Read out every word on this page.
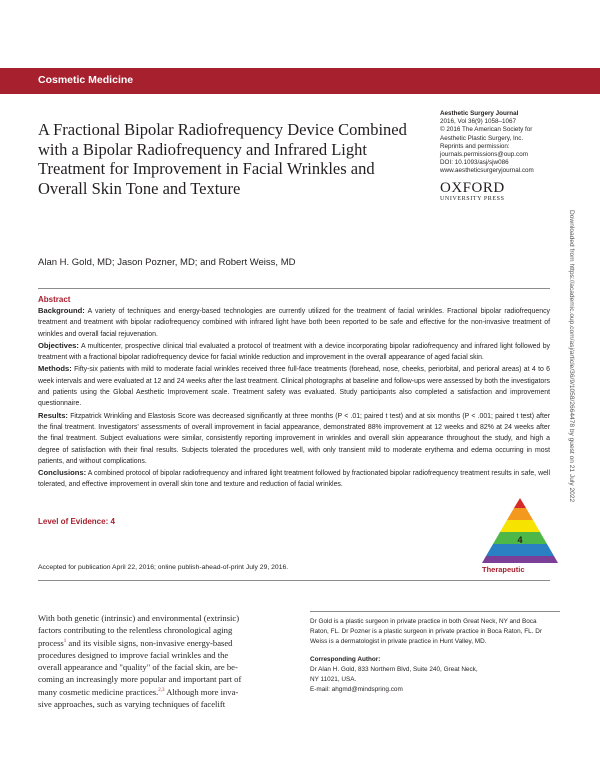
Cosmetic Medicine
A Fractional Bipolar Radiofrequency Device Combined with a Bipolar Radiofrequency and Infrared Light Treatment for Improvement in Facial Wrinkles and Overall Skin Tone and Texture
Aesthetic Surgery Journal
2016, Vol 36(9) 1058–1067
© 2016 The American Society for
Aesthetic Plastic Surgery, Inc.
Reprints and permission:
journals.permissions@oup.com
DOI: 10.1093/asj/sjw086
www.aestheticsurgeryjournal.com
OXFORD
UNIVERSITY PRESS
Alan H. Gold, MD; Jason Pozner, MD; and Robert Weiss, MD
Abstract

Background: A variety of techniques and energy-based technologies are currently utilized for the treatment of facial wrinkles. Fractional bipolar radiofrequency treatment and treatment with bipolar radiofrequency combined with infrared light have both been reported to be safe and effective for the non-invasive treatment of wrinkles and overall facial rejuvenation.

Objectives: A multicenter, prospective clinical trial evaluated a protocol of treatment with a device incorporating bipolar radiofrequency and infrared light followed by treatment with a fractional bipolar radiofrequency device for facial wrinkle reduction and improvement in the overall appearance of aged facial skin.

Methods: Fifty-six patients with mild to moderate facial wrinkles received three full-face treatments (forehead, nose, cheeks, periorbital, and perioral areas) at 4 to 6 week intervals and were evaluated at 12 and 24 weeks after the last treatment. Clinical photographs at baseline and follow-ups were assessed by both the investigators and patients using the Global Aesthetic Improvement scale. Treatment safety was evaluated. Study participants also completed a satisfaction and improvement questionnaire.

Results: Fitzpatrick Wrinkling and Elastosis Score was decreased significantly at three months (P < .01; paired t test) and at six months (P < .001; paired t test) after the final treatment. Investigators' assessments of overall improvement in facial appearance, demonstrated 88% improvement at 12 weeks and 82% at 24 weeks after the final treatment. Subject evaluations were similar, consistently reporting improvement in wrinkles and overall skin appearance throughout the study, and high a degree of satisfaction with their final results. Subjects tolerated the procedures well, with only transient mild to moderate erythema and edema occurring in most patients, and without complications.

Conclusions: A combined protocol of bipolar radiofrequency and infrared light treatment followed by fractionated bipolar radiofrequency treatment results in safe, well tolerated, and effective improvement in overall skin tone and texture and reduction of facial wrinkles.

Level of Evidence: 4
4
Therapeutic
Accepted for publication April 22, 2016; online publish-ahead-of-print July 29, 2016.
With both genetic (intrinsic) and environmental (extrinsic)
factors contributing to the relentless chronological aging
process$^1$ and its visible signs, non-invasive energy-based
procedures designed to improve facial wrinkles and the
overall appearance and "quality" of the facial skin, are be-
coming an increasingly more popular and important part of
many cosmetic medicine practices.$^{2,3}$ Although more inva-
sive approaches, such as varying techniques of facelift

Dr Gold is a plastic surgeon in private practice in both Great Neck, NY and Boca Raton, FL. Dr Pozner is a plastic surgeon in private practice in Boca Raton, FL. Dr Weiss is a dermatologist in private practice in Hunt Valley, MD.

Corresponding Author:

Dr Alan H. Gold, 833 Northern Blvd, Suite 240, Great Neck,

NY 11021, USA.

E-mail: ahgmd@mindspring.com

Downloaded from https://academic.oup.com/asj/article/36/9/1058/2664478 by guest on 21 July 2022
